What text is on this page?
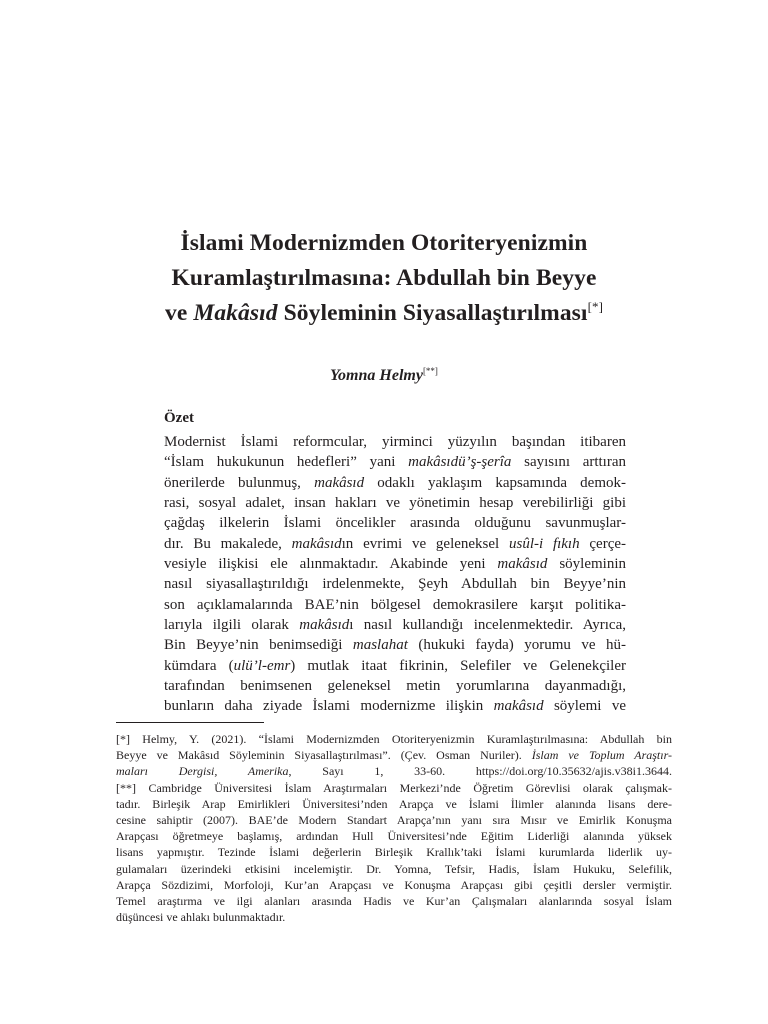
İslami Modernizmden Otoriteryenizmin
Kuramlaştırılmasına: Abdullah bin Beyye
ve Makâsıd Söyleminin Siyasallaştırılması[*]
Yomna Helmy[**]
Özet
Modernist İslami reformcular, yirminci yüzyılın başından itibaren
“İslam hukukunun hedefleri” yani makâsıdü’ş-şerîa sayısını arttıran
önerilerde bulunmuş, makâsıd odaklı yaklaşım kapsamında demok-
rasi, sosyal adalet, insan hakları ve yönetimin hesap verebilirliği gibi
çağdaş ilkelerin İslami öncelikler arasında olduğunu savunmuşlar-
dır. Bu makalede, makâsıdın evrimi ve geleneksel usûl-i fıkıh çerçe-
vesiyle ilişkisi ele alınmaktadır. Akabinde yeni makâsıd söyleminin
nasıl siyasallaştırıldığı irdelenmekte, Şeyh Abdullah bin Beyye’nin
son açıklamalarında BAE’nin bölgesel demokrasilere karşıt politika-
larıyla ilgili olarak makâsıdı nasıl kullandığı incelenmektedir. Ayrıca,
Bin Beyye’nin benimsediği maslahat (hukuki fayda) yorumu ve hü-
kümdara (ulü’l-emr) mutlak itaat fikrinin, Selefiler ve Gelenekçiler
tarafından benimsenen geleneksel metin yorumlarına dayanmadığı,
bunların daha ziyade İslami modernizme ilişkin makâsıd söylemi ve
[*] Helmy, Y. (2021). “İslami Modernizmden Otoriteryenizmin Kuramlaştırılmasına: Abdullah bin
Beyye ve Makâsıd Söyleminin Siyasallaştırılması”. (Çev. Osman Nuriler). İslam ve Toplum Araştır-
maları Dergisi, Amerika, Sayı 1, 33-60. https://doi.org/10.35632/ajis.v38i1.3644.
[**] Cambridge Üniversitesi İslam Araştırmaları Merkezi’nde Öğretim Görevlisi olarak çalışmak-
tadır. Birleşik Arap Emirlikleri Üniversitesi’nden Arapça ve İslami İlimler alanında lisans dere-
cesine sahiptir (2007). BAE’de Modern Standart Arapça’nın yanı sıra Mısır ve Emirlik Konuşma
Arapçası öğretmeye başlamış, ardından Hull Üniversitesi’nde Eğitim Liderliği alanında yüksek
lisans yapmıştır. Tezinde İslami değerlerin Birleşik Krallık’taki İslami kurumlarda liderlik uy-
gulamaları üzerindeki etkisini incelemiştir. Dr. Yomna, Tefsir, Hadis, İslam Hukuku, Selefilik,
Arapça Sözdizimi, Morfoloji, Kur’an Arapçası ve Konuşma Arapçası gibi çeşitli dersler vermiştir.
Temel araştırma ve ilgi alanları arasında Hadis ve Kur’an Çalışmaları alanlarında sosyal İslam
düşüncesi ve ahlakı bulunmaktadır.
